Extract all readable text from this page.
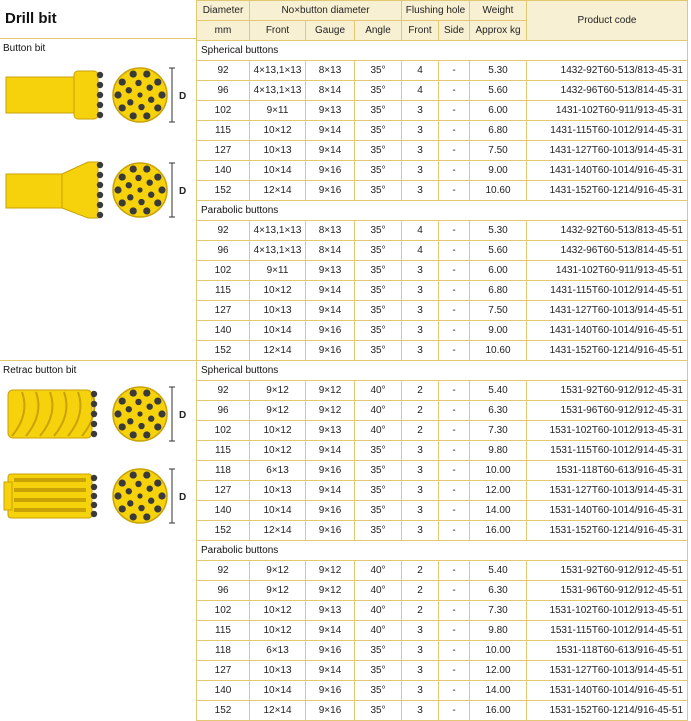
Drill bit
Button bit
D
D
Retrac button bit
D
D
Diameter	No×button diameter			Flushing hole		Weight	Product code
mm	Front	Gauge	Angle	Front	Side	Approx kg	
Spherical buttons							
92	4×13,1×13	8×13	35°	4	-	5.30	1432-92T60-513/813-45-31
96	4×13,1×13	8×14	35°	4	-	5.60	1432-96T60-513/814-45-31
102	9×11	9×13	35°	3	-	6.00	1431-102T60-911/913-45-31
115	10×12	9×14	35°	3	-	6.80	1431-115T60-1012/914-45-31
127	10×13	9×14	35°	3	-	7.50	1431-127T60-1013/914-45-31
140	10×14	9×16	35°	3	-	9.00	1431-140T60-1014/916-45-31
152	12×14	9×16	35°	3	-	10.60	1431-152T60-1214/916-45-31
Parabolic buttons							
92	4×13,1×13	8×13	35°	4	-	5.30	1432-92T60-513/813-45-51
96	4×13,1×13	8×14	35°	4	-	5.60	1432-96T60-513/814-45-51
102	9×11	9×13	35°	3	-	6.00	1431-102T60-911/913-45-51
115	10×12	9×14	35°	3	-	6.80	1431-115T60-1012/914-45-51
127	10×13	9×14	35°	3	-	7.50	1431-127T60-1013/914-45-51
140	10×14	9×16	35°	3	-	9.00	1431-140T60-1014/916-45-51
152	12×14	9×16	35°	3	-	10.60	1431-152T60-1214/916-45-51
Spherical buttons							
92	9×12	9×12	40°	2	-	5.40	1531-92T60-912/912-45-31
96	9×12	9×12	40°	2	-	6.30	1531-96T60-912/912-45-31
102	10×12	9×13	40°	2	-	7.30	1531-102T60-1012/913-45-31
115	10×12	9×14	35°	3	-	9.80	1531-115T60-1012/914-45-31
118	6×13	9×16	35°	3	-	10.00	1531-118T60-613/916-45-31
127	10×13	9×14	35°	3	-	12.00	1531-127T60-1013/914-45-31
140	10×14	9×16	35°	3	-	14.00	1531-140T60-1014/916-45-31
152	12×14	9×16	35°	3	-	16.00	1531-152T60-1214/916-45-31
Parabolic buttons							
92	9×12	9×12	40°	2	-	5.40	1531-92T60-912/912-45-51
96	9×12	9×12	40°	2	-	6.30	1531-96T60-912/912-45-51
102	10×12	9×13	40°	2	-	7.30	1531-102T60-1012/913-45-51
115	10×12	9×14	40°	3	-	9.80	1531-115T60-1012/914-45-51
118	6×13	9×16	35°	3	-	10.00	1531-118T60-613/916-45-51
127	10×13	9×14	35°	3	-	12.00	1531-127T60-1013/914-45-51
140	10×14	9×16	35°	3	-	14.00	1531-140T60-1014/916-45-51
152	12×14	9×16	35°	3	-	16.00	1531-152T60-1214/916-45-51
